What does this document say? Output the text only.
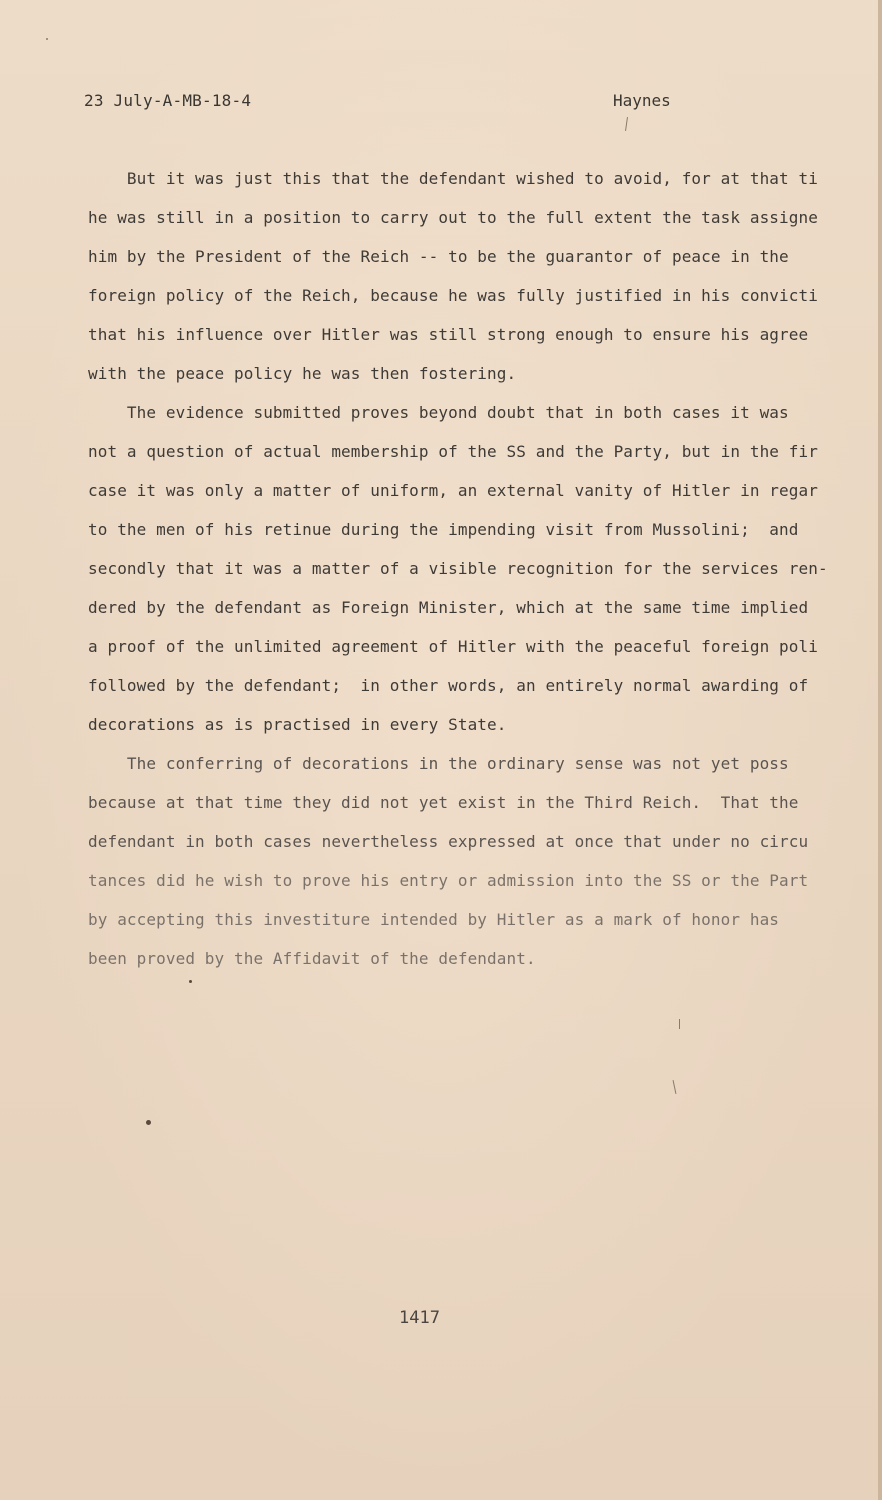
23 July-A-MB-18-4	Haynes
But it was just this that the defendant wished to avoid, for at that ti
he was still in a position to carry out to the full extent the task assigne
him by the President of the Reich -- to be the guarantor of peace in the
foreign policy of the Reich, because he was fully justified in his convicti
that his influence over Hitler was still strong enough to ensure his agree
with the peace policy he was then fostering.
The evidence submitted proves beyond doubt that in both cases it was
not a question of actual membership of the SS and the Party, but in the fir
case it was only a matter of uniform, an external vanity of Hitler in regar
to the men of his retinue during the impending visit from Mussolini;  and
secondly that it was a matter of a visible recognition for the services ren-
dered by the defendant as Foreign Minister, which at the same time implied
a proof of the unlimited agreement of Hitler with the peaceful foreign poli
followed by the defendant;  in other words, an entirely normal awarding of
decorations as is practised in every State.
The conferring of decorations in the ordinary sense was not yet poss
because at that time they did not yet exist in the Third Reich.  That the
defendant in both cases nevertheless expressed at once that under no circu
tances did he wish to prove his entry or admission into the SS or the Part
by accepting this investiture intended by Hitler as a mark of honor has
been proved by the Affidavit of the defendant.
1417
